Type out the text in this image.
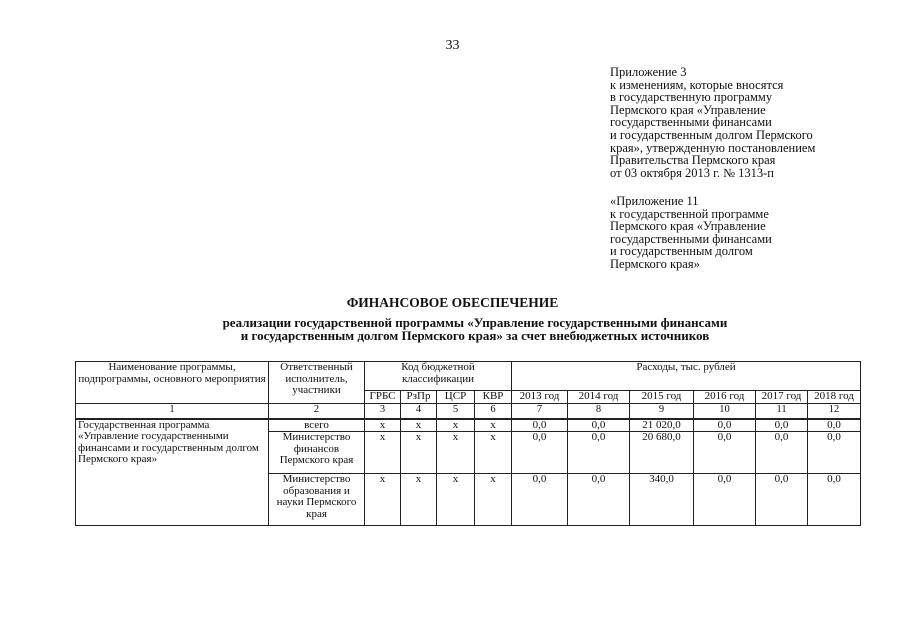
33
Приложение 3
к изменениям, которые вносятся
в государственную программу
Пермского края «Управление
государственными финансами
и государственным долгом Пермского
края», утвержденную постановлением
Правительства Пермского края
от 03 октября 2013 г. № 1313-п
«Приложение 11
к государственной программе
Пермского края «Управление
государственными финансами
и государственным долгом
Пермского края»
ФИНАНСОВОЕ ОБЕСПЕЧЕНИЕ
реализации государственной программы «Управление государственными финансами
и государственным долгом Пермского края» за счет внебюджетных источников
Наименование программы, подпрограммы, основного мероприятия	Ответственный исполнитель, участники	Код бюджетной классификации				Расходы, тыс. рублей					
		ГРБС	РзПр	ЦСР	КВР	2013 год	2014 год	2015 год	2016 год	2017 год	2018 год
1	2	3	4	5	6	7	8	9	10	11	12
Государственная программа «Управление государственными финансами и государственным долгом Пермского края»	всего	х	х	х	х	0,0	0,0	21 020,0	0,0	0,0	0,0
	Министерство финансов Пермского края	х	х	х	х	0,0	0,0	20 680,0	0,0	0,0	0,0
	Министерство образования и науки Пермского края	х	х	х	х	0,0	0,0	340,0	0,0	0,0	0,0
